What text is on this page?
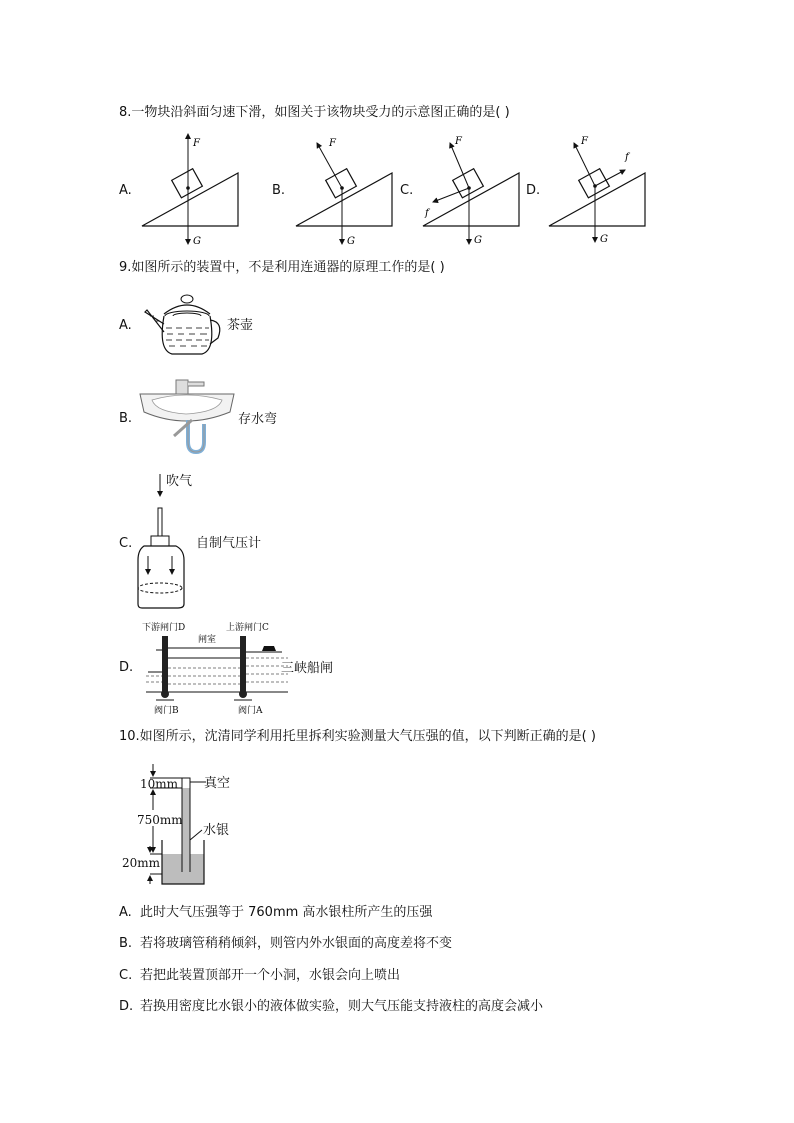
8.一物块沿斜面匀速下滑，如图关于该物块受力的示意图正确的是( )
A.
F
G
B.
F
G
C.
F
f
G
D.
F
f
G
9.如图所示的装置中，不是利用连通器的原理工作的是( )
A.	茶壶
B.	存水弯
C.
吹气
自制气压计
D.
下游闸门D	上游闸门C
闸室
阀门B	阀门A
三峡船闸
10.如图所示，沈清同学利用托里拆利实验测量大气压强的值，以下判断正确的是( )
10mm
750mm
20mm
真空
水银
A. 此时大气压强等于 760mm 高水银柱所产生的压强
B. 若将玻璃管稍稍倾斜，则管内外水银面的高度差将不变
C. 若把此装置顶部开一个小洞，水银会向上喷出
D. 若换用密度比水银小的液体做实验，则大气压能支持液柱的高度会减小
